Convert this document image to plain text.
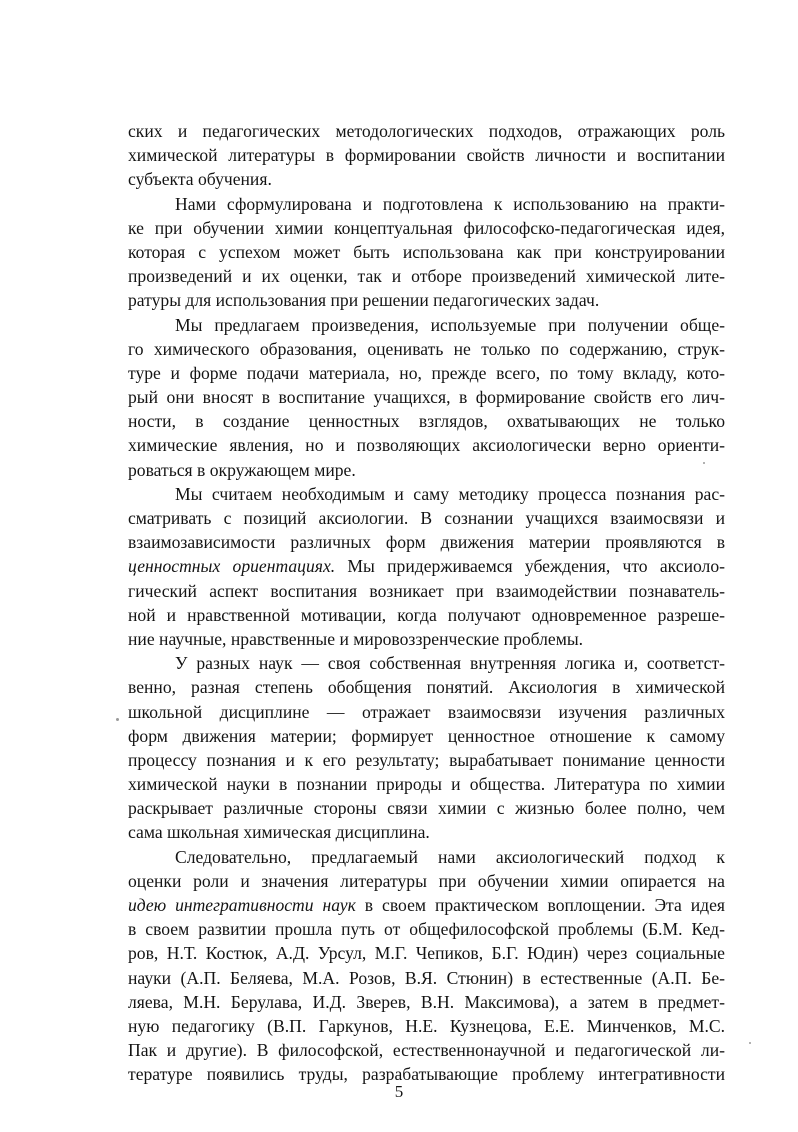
ских и педагогических методологических подходов, отражающих роль
химической литературы в формировании свойств личности и воспитании
субъекта обучения.
Нами сформулирована и подготовлена к использованию на практи-
ке при обучении химии концептуальная философско-педагогическая идея,
которая с успехом может быть использована как при конструировании
произведений и их оценки, так и отборе произведений химической лите-
ратуры для использования при решении педагогических задач.
Мы предлагаем произведения, используемые при получении обще-
го химического образования, оценивать не только по содержанию, струк-
туре и форме подачи материала, но, прежде всего, по тому вкладу, кото-
рый они вносят в воспитание учащихся, в формирование свойств его лич-
ности, в создание ценностных взглядов, охватывающих не только
химические явления, но и позволяющих аксиологически верно ориенти-
роваться в окружающем мире.
Мы считаем необходимым и саму методику процесса познания рас-
сматривать с позиций аксиологии. В сознании учащихся взаимосвязи и
взаимозависимости различных форм движения материи проявляются в
ценностных ориентациях. Мы придерживаемся убеждения, что аксиоло-
гический аспект воспитания возникает при взаимодействии познаватель-
ной и нравственной мотивации, когда получают одновременное разреше-
ние научные, нравственные и мировоззренческие проблемы.
У разных наук — своя собственная внутренняя логика и, соответст-
венно, разная степень обобщения понятий. Аксиология в химической
школьной дисциплине — отражает взаимосвязи изучения различных
форм движения материи; формирует ценностное отношение к самому
процессу познания и к его результату; вырабатывает понимание ценности
химической науки в познании природы и общества. Литература по химии
раскрывает различные стороны связи химии с жизнью более полно, чем
сама школьная химическая дисциплина.
Следовательно, предлагаемый нами аксиологический подход к
оценки роли и значения литературы при обучении химии опирается на
идею интегративности наук в своем практическом воплощении. Эта идея
в своем развитии прошла путь от общефилософской проблемы (Б.М. Кед-
ров, Н.Т. Костюк, А.Д. Урсул, М.Г. Чепиков, Б.Г. Юдин) через социальные
науки (А.П. Беляева, М.А. Розов, В.Я. Стюнин) в естественные (А.П. Бе-
ляева, М.Н. Берулава, И.Д. Зверев, В.Н. Максимова), а затем в предмет-
ную педагогику (В.П. Гаркунов, Н.Е. Кузнецова, Е.Е. Минченков, М.С.
Пак и другие). В философской, естественнонаучной и педагогической ли-
тературе появились труды, разрабатывающие проблему интегративности
5
